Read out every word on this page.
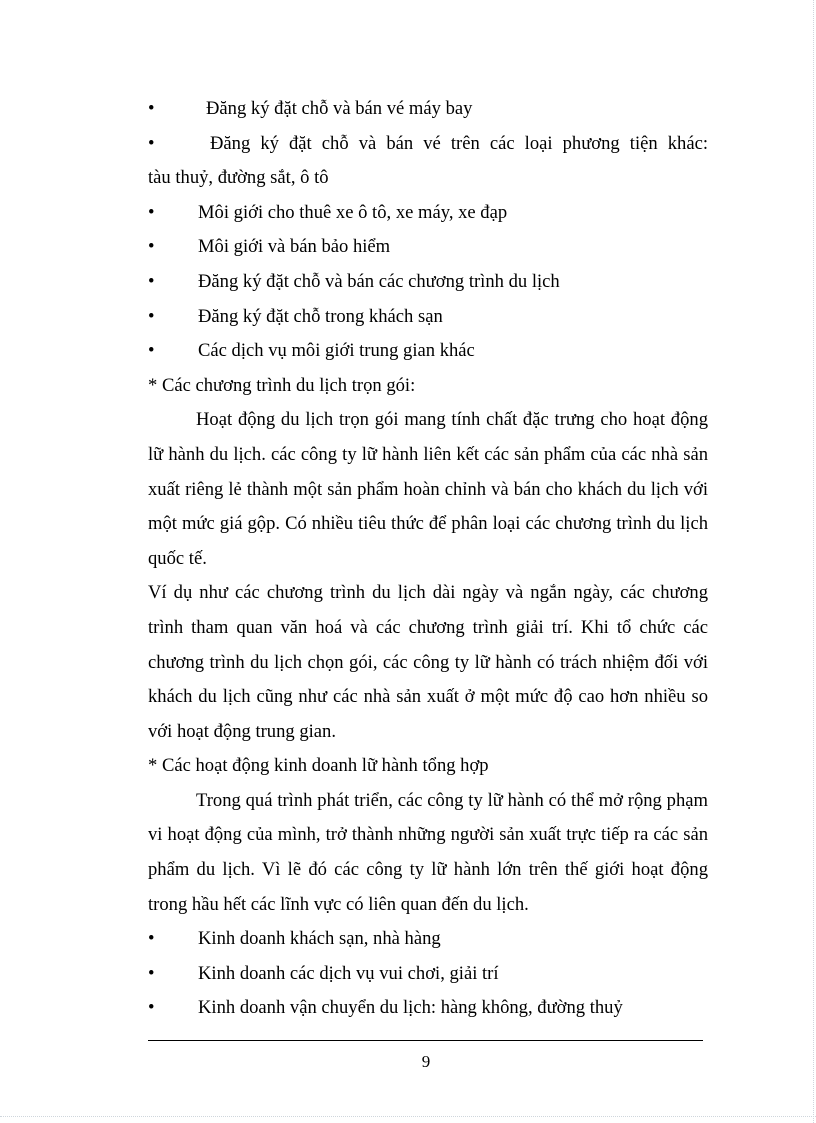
•	Đăng ký đặt chỗ và bán vé máy bay

•	Đăng ký đặt chỗ và bán vé trên các loại phương tiện khác:
tàu thuỷ, đường sắt, ô tô

•	Môi giới cho thuê xe ô tô, xe máy, xe đạp

•	Môi giới và bán bảo hiểm

•	Đăng ký đặt chỗ và bán các chương trình du lịch

•	Đăng ký đặt chỗ trong khách sạn

•	Các dịch vụ môi giới trung gian khác

* Các chương trình du lịch trọn gói:

Hoạt động du lịch trọn gói mang tính chất đặc trưng cho hoạt động lữ hành du lịch. các công ty lữ hành liên kết các sản phẩm của các nhà sản xuất riêng lẻ thành một sản phẩm hoàn chỉnh và bán cho khách du lịch với một mức giá gộp. Có nhiều tiêu thức để phân loại các chương trình du lịch quốc tế.

Ví dụ như các chương trình du lịch dài ngày và ngắn ngày, các chương trình tham quan văn hoá và các chương trình giải trí. Khi tổ chức các chương trình du lịch chọn gói, các công ty lữ hành có trách nhiệm đối với khách du lịch cũng như các nhà sản xuất ở một mức độ cao hơn nhiều so với hoạt động trung gian.

* Các hoạt động kinh doanh lữ hành tổng hợp

Trong quá trình phát triển, các công ty lữ hành có thể mở rộng phạm vi hoạt động của mình, trở thành những người sản xuất trực tiếp ra các sản phẩm du lịch. Vì lẽ đó các công ty lữ hành lớn trên thế giới hoạt động trong hầu hết các lĩnh vực có liên quan đến du lịch.

•	Kinh doanh khách sạn, nhà hàng

•	Kinh doanh các dịch vụ vui chơi, giải trí

•	Kinh doanh vận chuyển du lịch: hàng không, đường thuỷ

9
